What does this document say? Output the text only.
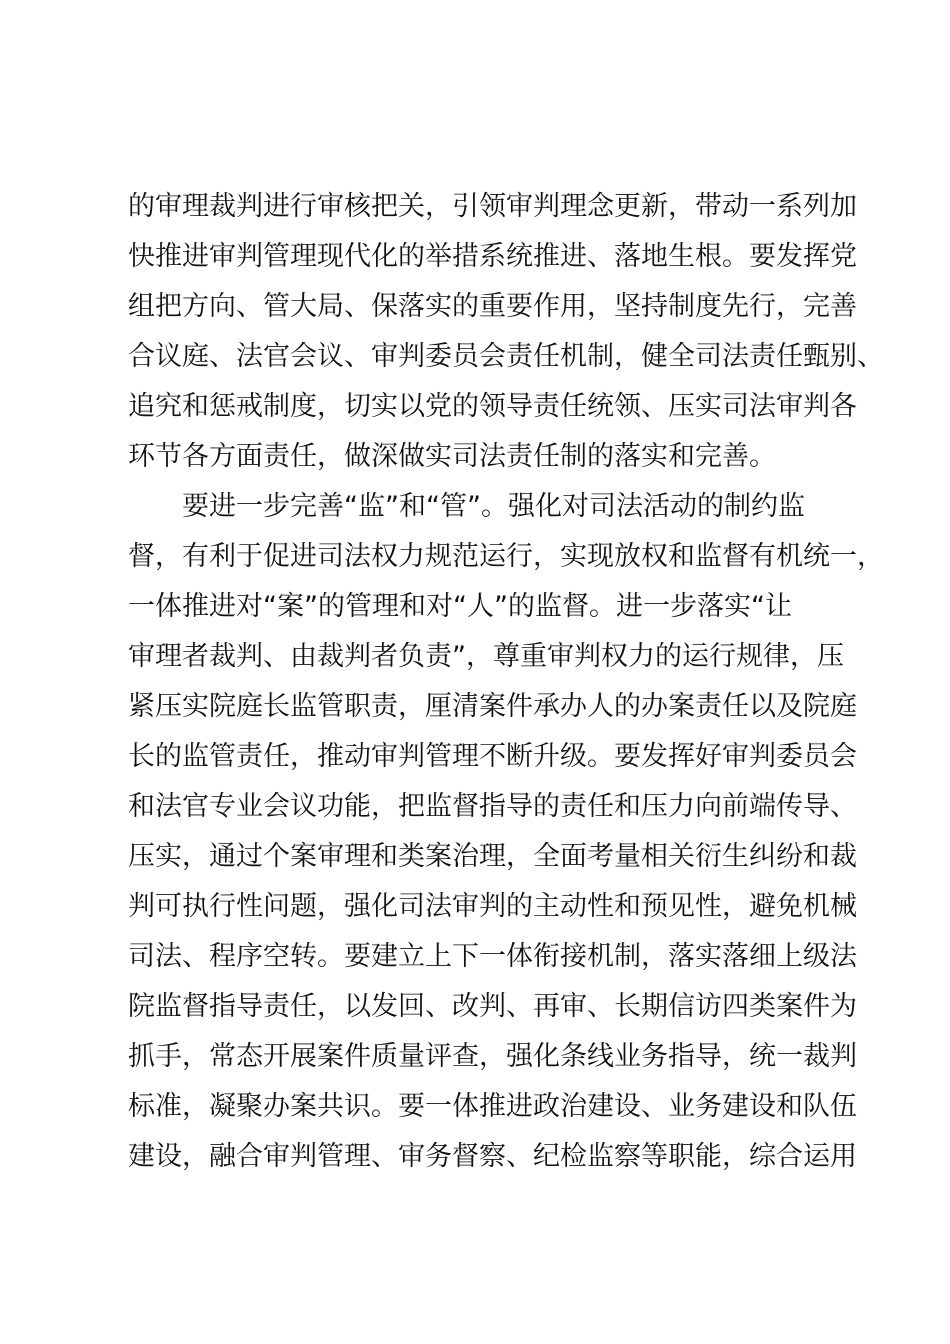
的审理裁判进行审核把关，引领审判理念更新，带动一系列加
快推进审判管理现代化的举措系统推进、落地生根。要发挥党
组把方向、管大局、保落实的重要作用，坚持制度先行，完善
合议庭、法官会议、审判委员会责任机制，健全司法责任甄别、
追究和惩戒制度，切实以党的领导责任统领、压实司法审判各
环节各方面责任，做深做实司法责任制的落实和完善。
要进一步完善“监”和“管”。强化对司法活动的制约监
督，有利于促进司法权力规范运行，实现放权和监督有机统一，
一体推进对“案”的管理和对“人”的监督。进一步落实“让
审理者裁判、由裁判者负责”，尊重审判权力的运行规律，压
紧压实院庭长监管职责，厘清案件承办人的办案责任以及院庭
长的监管责任，推动审判管理不断升级。要发挥好审判委员会
和法官专业会议功能，把监督指导的责任和压力向前端传导、
压实，通过个案审理和类案治理，全面考量相关衍生纠纷和裁
判可执行性问题，强化司法审判的主动性和预见性，避免机械
司法、程序空转。要建立上下一体衔接机制，落实落细上级法
院监督指导责任，以发回、改判、再审、长期信访四类案件为
抓手，常态开展案件质量评查，强化条线业务指导，统一裁判
标准，凝聚办案共识。要一体推进政治建设、业务建设和队伍
建设，融合审判管理、审务督察、纪检监察等职能，综合运用
